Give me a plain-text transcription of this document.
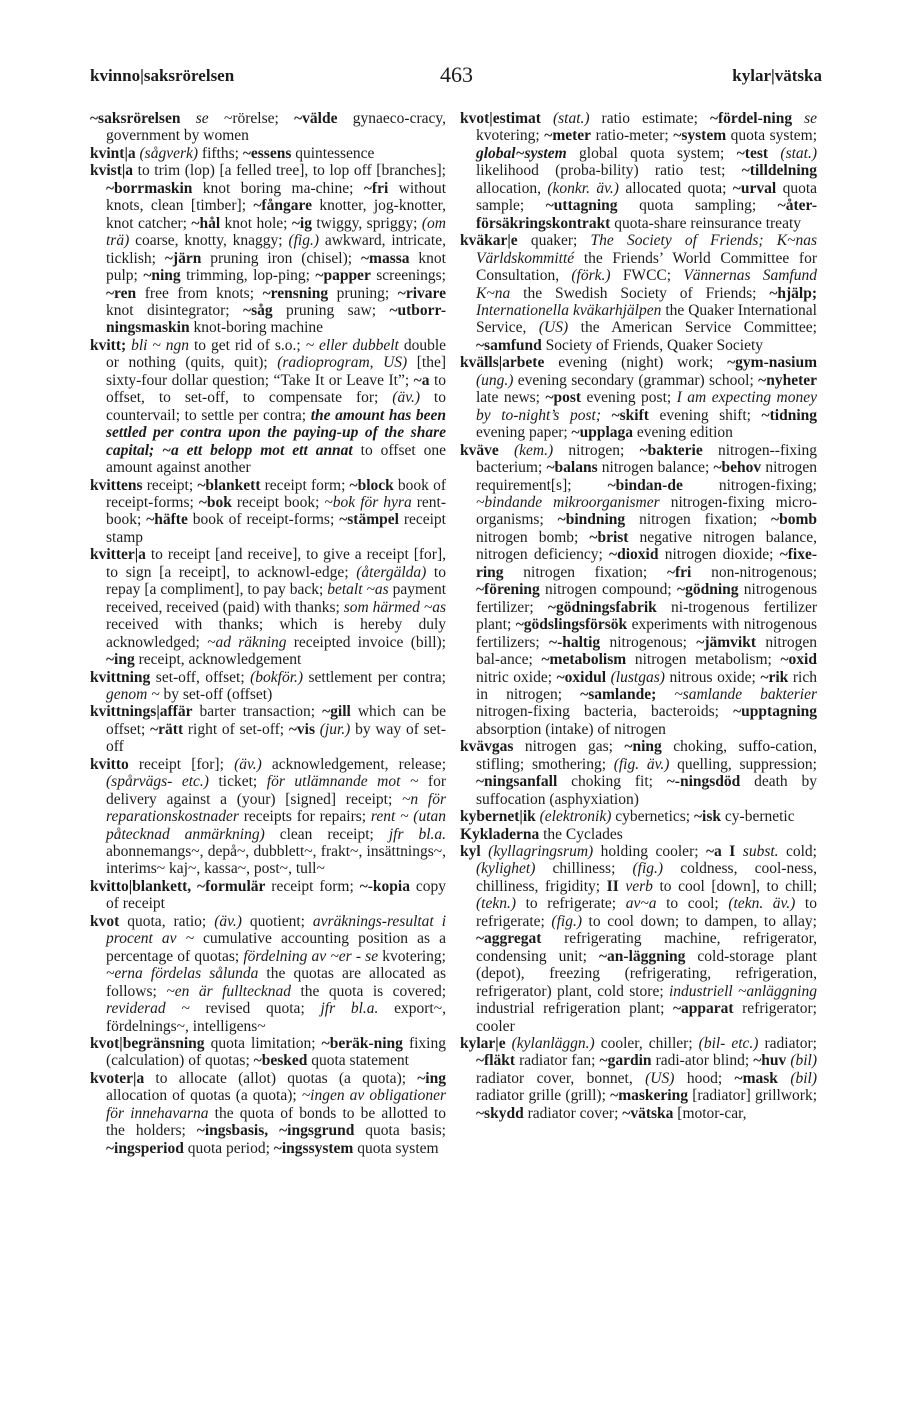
kvinno|saksrörelsen	463	kylar|vätska

~saksrörelsen se ~rörelse; ~välde gynaeco-cracy, government by women

kvint|a (sågverk) fifths; ~essens quintessence

kvist|a to trim (lop) [a felled tree], to lop off [branches]; ~borrmaskin knot boring ma-chine; ~fri without knots, clean [timber]; ~fångare knotter, jog-knotter, knot catcher; ~hål knot hole; ~ig twiggy, spriggy; (om trä) coarse, knotty, knaggy; (fig.) awkward, intricate, ticklish; ~järn pruning iron (chisel); ~massa knot pulp; ~ning trimming, lop-ping; ~papper screenings; ~ren free from knots; ~rensning pruning; ~rivare knot disintegrator; ~såg pruning saw; ~utborr-ningsmaskin knot-boring machine

kvitt; bli ~ ngn to get rid of s.o.; ~ eller dubbelt double or nothing (quits, quit); (radioprogram, US) [the] sixty-four dollar question; “Take It or Leave It”; ~a to offset, to set-off, to compensate for; (äv.) to countervail; to settle per contra; the amount has been settled per contra upon the paying-up of the share capital; ~a ett belopp mot ett annat to offset one amount against another

kvittens receipt; ~blankett receipt form; ~block book of receipt-forms; ~bok receipt book; ~bok för hyra rent-book; ~häfte book of receipt-forms; ~stämpel receipt stamp

kvitter|a to receipt [and receive], to give a receipt [for], to sign [a receipt], to acknowl-edge; (återgälda) to repay [a compliment], to pay back; betalt ~as payment received, received (paid) with thanks; som härmed ~as received with thanks; which is hereby duly acknowledged; ~ad räkning receipted invoice (bill); ~ing receipt, acknowledgement

kvittning set-off, offset; (bokför.) settlement per contra; genom ~ by set-off (offset)

kvittnings|affär barter transaction; ~gill which can be offset; ~rätt right of set-off; ~vis (jur.) by way of set-off

kvitto receipt [for]; (äv.) acknowledgement, release; (spårvägs- etc.) ticket; för utlämnande mot ~ for delivery against a (your) [signed] receipt; ~n för reparationskostnader receipts for repairs; rent ~ (utan påtecknad anmärkning) clean receipt; jfr bl.a. abonnemangs~, depå~, dubblett~, frakt~, insättnings~, interims~ kaj~, kassa~, post~, tull~

kvitto|blankett, ~formulär receipt form; ~-kopia copy of receipt

kvot quota, ratio; (äv.) quotient; avräknings-resultat i procent av ~ cumulative accounting position as a percentage of quotas; fördelning av ~er - se kvotering; ~erna fördelas sålunda the quotas are allocated as follows; ~en är fulltecknad the quota is covered; reviderad ~ revised quota; jfr bl.a. export~, fördelnings~, intelligens~

kvot|begränsning quota limitation; ~beräk-ning fixing (calculation) of quotas; ~besked quota statement

kvoter|a to allocate (allot) quotas (a quota); ~ing allocation of quotas (a quota); ~ingen av obligationer för innehavarna the quota of bonds to be allotted to the holders; ~ingsbasis, ~ingsgrund quota basis; ~ingsperiod quota period; ~ingssystem quota system

kvot|estimat (stat.) ratio estimate; ~fördel-ning se kvotering; ~meter ratio-meter; ~system quota system; global~system global quota system; ~test (stat.) likelihood (proba-bility) ratio test; ~tilldelning allocation, (konkr. äv.) allocated quota; ~urval quota sample; ~uttagning quota sampling; ~åter-försäkringskontrakt quota-share reinsurance treaty

kväkar|e quaker; The Society of Friends; K~nas Världskommitté the Friends’ World Committee for Consultation, (förk.) FWCC; Vännernas Samfund K~na the Swedish Society of Friends; ~hjälp; Internationella kväkarhjälpen the Quaker International Service, (US) the American Service Committee; ~samfund Society of Friends, Quaker Society

kvälls|arbete evening (night) work; ~gym-nasium (ung.) evening secondary (grammar) school; ~nyheter late news; ~post evening post; I am expecting money by to-night’s post; ~skift evening shift; ~tidning evening paper; ~upplaga evening edition

kväve (kem.) nitrogen; ~bakterie nitrogen--fixing bacterium; ~balans nitrogen balance; ~behov nitrogen requirement[s]; ~bindan-de nitrogen-fixing; ~bindande mikroorganismer nitrogen-fixing micro-organisms; ~bindning nitrogen fixation; ~bomb nitrogen bomb; ~brist negative nitrogen balance, nitrogen deficiency; ~dioxid nitrogen dioxide; ~fixe-ring nitrogen fixation; ~fri non-nitrogenous; ~förening nitrogen compound; ~gödning nitrogenous fertilizer; ~gödningsfabrik ni-trogenous fertilizer plant; ~gödslingsförsök experiments with nitrogenous fertilizers; ~-haltig nitrogenous; ~jämvikt nitrogen bal-ance; ~metabolism nitrogen metabolism; ~oxid nitric oxide; ~oxidul (lustgas) nitrous oxide; ~rik rich in nitrogen; ~samlande; ~samlande bakterier nitrogen-fixing bacteria, bacteroids; ~upptagning absorption (intake) of nitrogen

kvävgas nitrogen gas; ~ning choking, suffo-cation, stifling; smothering; (fig. äv.) quelling, suppression; ~ningsanfall choking fit; ~-ningsdöd death by suffocation (asphyxiation)

kybernet|ik (elektronik) cybernetics; ~isk cy-bernetic

Kykladerna the Cyclades

kyl (kyllagringsrum) holding cooler; ~a I subst. cold; (kylighet) chilliness; (fig.) coldness, cool-ness, chilliness, frigidity; II verb to cool [down], to chill; (tekn.) to refrigerate; av~a to cool; (tekn. äv.) to refrigerate; (fig.) to cool down; to dampen, to allay; ~aggregat refrigerating machine, refrigerator, condensing unit; ~an-läggning cold-storage plant (depot), freezing (refrigerating, refrigeration, refrigerator) plant, cold store; industriell ~anläggning industrial refrigeration plant; ~apparat refrigerator; cooler

kylar|e (kylanläggn.) cooler, chiller; (bil- etc.) radiator; ~fläkt radiator fan; ~gardin radi-ator blind; ~huv (bil) radiator cover, bonnet, (US) hood; ~mask (bil) radiator grille (grill); ~maskering [radiator] grillwork; ~skydd radiator cover; ~vätska [motor-car,
